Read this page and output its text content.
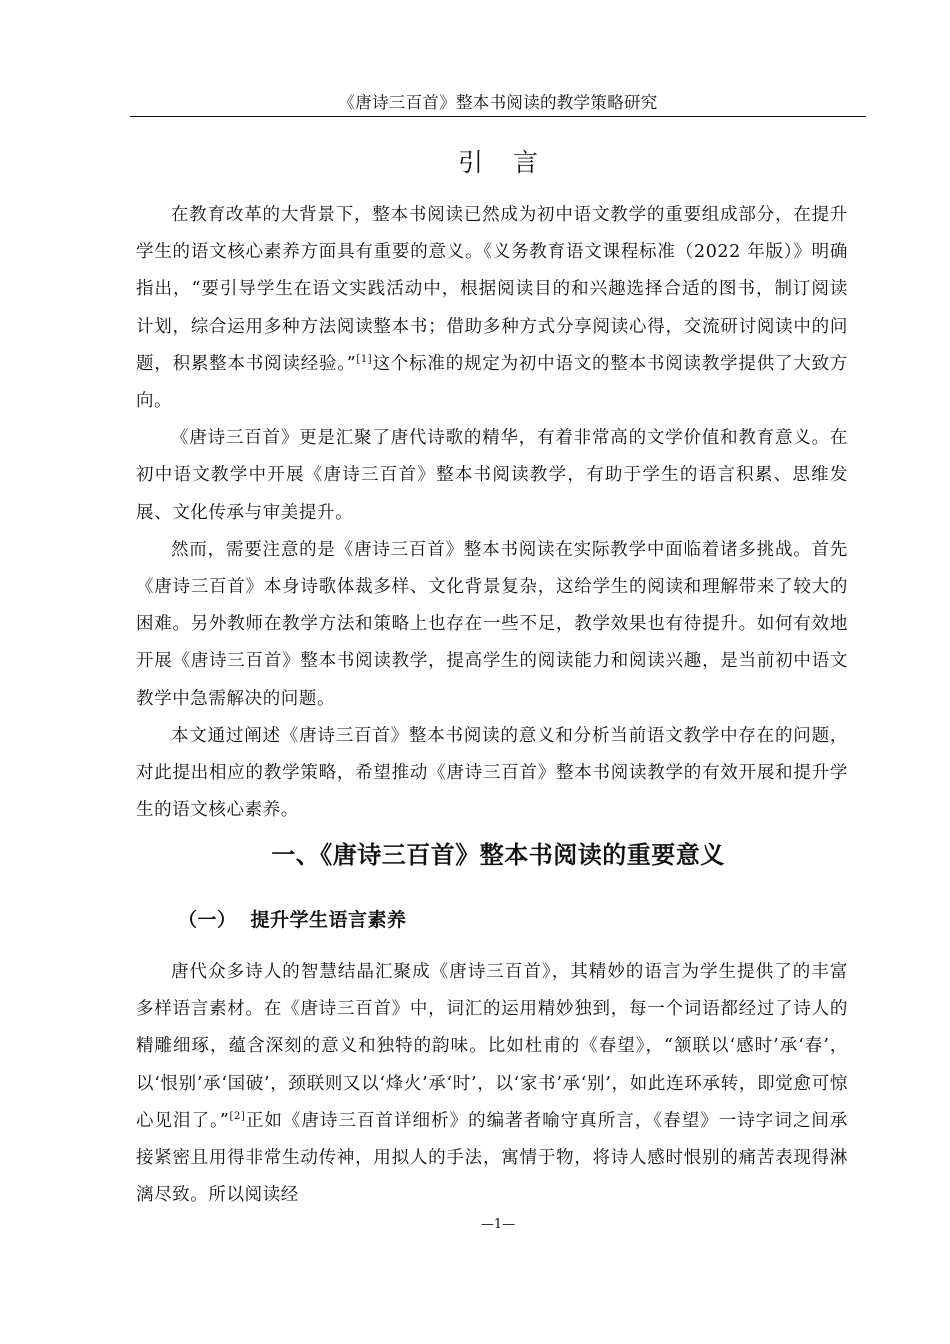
《唐诗三百首》整本书阅读的教学策略研究
引言

在教育改革的大背景下，整本书阅读已然成为初中语文教学的重要组成部分，在提升学生的语文核心素养方面具有重要的意义。《义务教育语文课程标准（2022 年版）》明确指出，“要引导学生在语文实践活动中，根据阅读目的和兴趣选择合适的图书，制订阅读计划，综合运用多种方法阅读整本书；借助多种方式分享阅读心得，交流研讨阅读中的问题，积累整本书阅读经验。”[1]这个标准的规定为初中语文的整本书阅读教学提供了大致方向。

《唐诗三百首》更是汇聚了唐代诗歌的精华，有着非常高的文学价值和教育意义。在初中语文教学中开展《唐诗三百首》整本书阅读教学，有助于学生的语言积累、思维发展、文化传承与审美提升。

然而，需要注意的是《唐诗三百首》整本书阅读在实际教学中面临着诸多挑战。首先《唐诗三百首》本身诗歌体裁多样、文化背景复杂，这给学生的阅读和理解带来了较大的困难。另外教师在教学方法和策略上也存在一些不足，教学效果也有待提升。如何有效地开展《唐诗三百首》整本书阅读教学，提高学生的阅读能力和阅读兴趣，是当前初中语文教学中急需解决的问题。

本文通过阐述《唐诗三百首》整本书阅读的意义和分析当前语文教学中存在的问题，对此提出相应的教学策略，希望推动《唐诗三百首》整本书阅读教学的有效开展和提升学生的语文核心素养。

一、《唐诗三百首》整本书阅读的重要意义
（一） 提升学生语言素养

唐代众多诗人的智慧结晶汇聚成《唐诗三百首》，其精妙的语言为学生提供了的丰富多样语言素材。在《唐诗三百首》中，词汇的运用精妙独到，每一个词语都经过了诗人的精雕细琢，蕴含深刻的意义和独特的韵味。比如杜甫的《春望》，“颔联以‘感时’承‘春’，以‘恨别’承‘国破’，颈联则又以‘烽火’承‘时’，以‘家书’承‘别’，如此连环承转，即觉愈可惊心见泪了。”[2]正如《唐诗三百首详细析》的编著者喻守真所言，《春望》一诗字词之间承接紧密且用得非常生动传神，用拟人的手法，寓情于物，将诗人感时恨别的痛苦表现得淋漓尽致。所以阅读经

—1—
